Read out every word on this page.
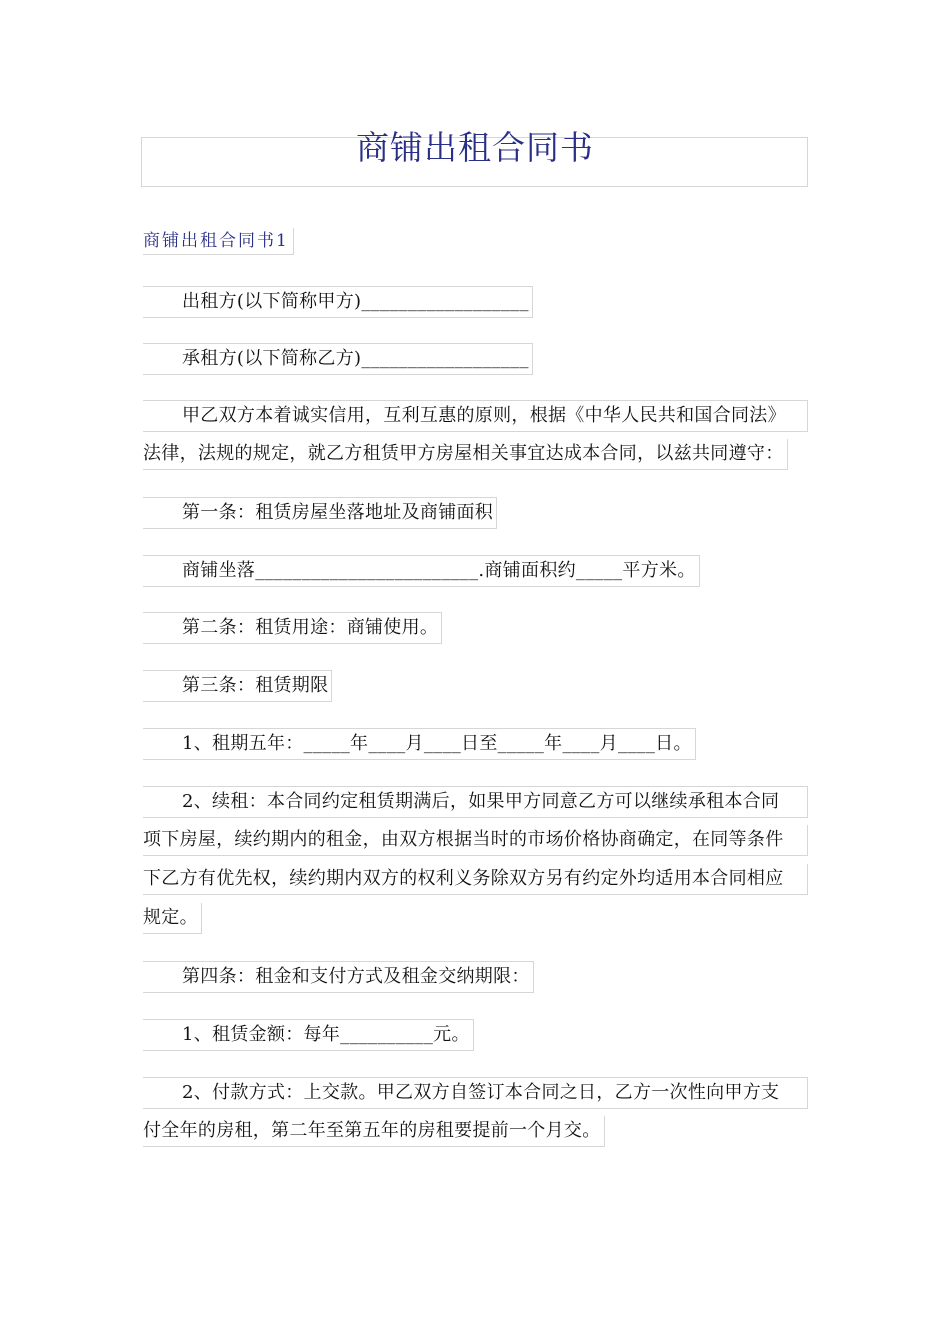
商铺出租合同书
商铺出租合同书1
出租方(以下简称甲方)__________________
承租方(以下简称乙方)__________________
甲乙双方本着诚实信用，互利互惠的原则，根据《中华人民共和国合同法》
法律，法规的规定，就乙方租赁甲方房屋相关事宜达成本合同，以兹共同遵守：
第一条：租赁房屋坐落地址及商铺面积
商铺坐落________________________.商铺面积约_____平方米。
第二条：租赁用途：商铺使用。
第三条：租赁期限
1、租期五年：_____年____月____日至_____年____月____日。
2、续租：本合同约定租赁期满后，如果甲方同意乙方可以继续承租本合同
项下房屋，续约期内的租金，由双方根据当时的市场价格协商确定，在同等条件
下乙方有优先权，续约期内双方的权利义务除双方另有约定外均适用本合同相应
规定。
第四条：租金和支付方式及租金交纳期限：
1、租赁金额：每年__________元。
2、付款方式：上交款。甲乙双方自签订本合同之日，乙方一次性向甲方支
付全年的房租，第二年至第五年的房租要提前一个月交。
